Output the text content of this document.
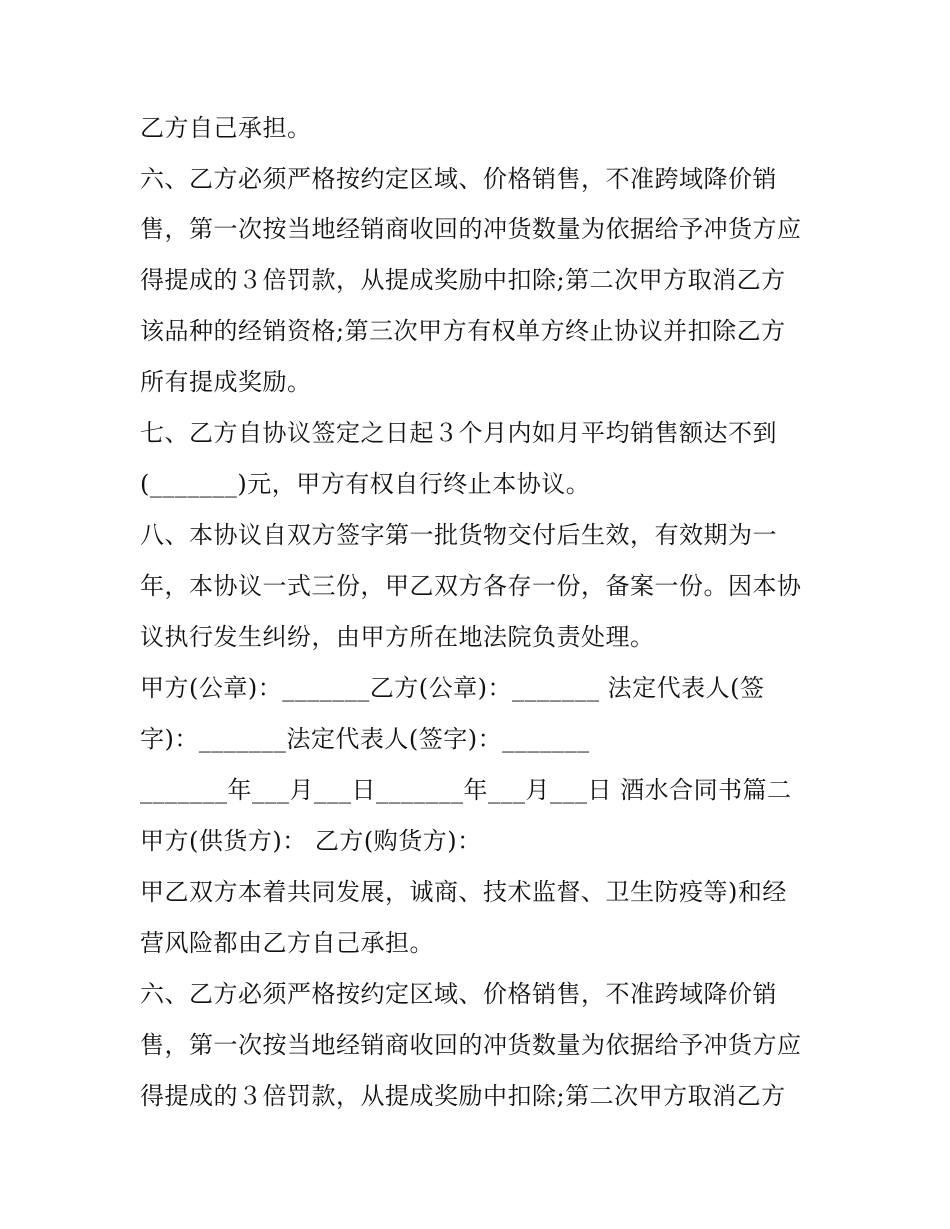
乙方自己承担。
六、乙方必须严格按约定区域、价格销售，不准跨域降价销
售，第一次按当地经销商收回的冲货数量为依据给予冲货方应
得提成的３倍罚款，从提成奖励中扣除;第二次甲方取消乙方
该品种的经销资格;第三次甲方有权单方终止协议并扣除乙方
所有提成奖励。
七、乙方自协议签定之日起３个月内如月平均销售额达不到
(_______)元，甲方有权自行终止本协议。
八、本协议自双方签字第一批货物交付后生效，有效期为一
年，本协议一式三份，甲乙双方各存一份，备案一份。因本协
议执行发生纠纷，由甲方所在地法院负责处理。
甲方(公章)：_______乙方(公章)：_______ 法定代表人(签
字)：_______法定代表人(签字)：_______
_______年___月___日_______年___月___日 酒水合同书篇二
甲方(供货方)： 乙方(购货方)：
甲乙双方本着共同发展，诚商、技术监督、卫生防疫等)和经
营风险都由乙方自己承担。
六、乙方必须严格按约定区域、价格销售，不准跨域降价销
售，第一次按当地经销商收回的冲货数量为依据给予冲货方应
得提成的３倍罚款，从提成奖励中扣除;第二次甲方取消乙方
